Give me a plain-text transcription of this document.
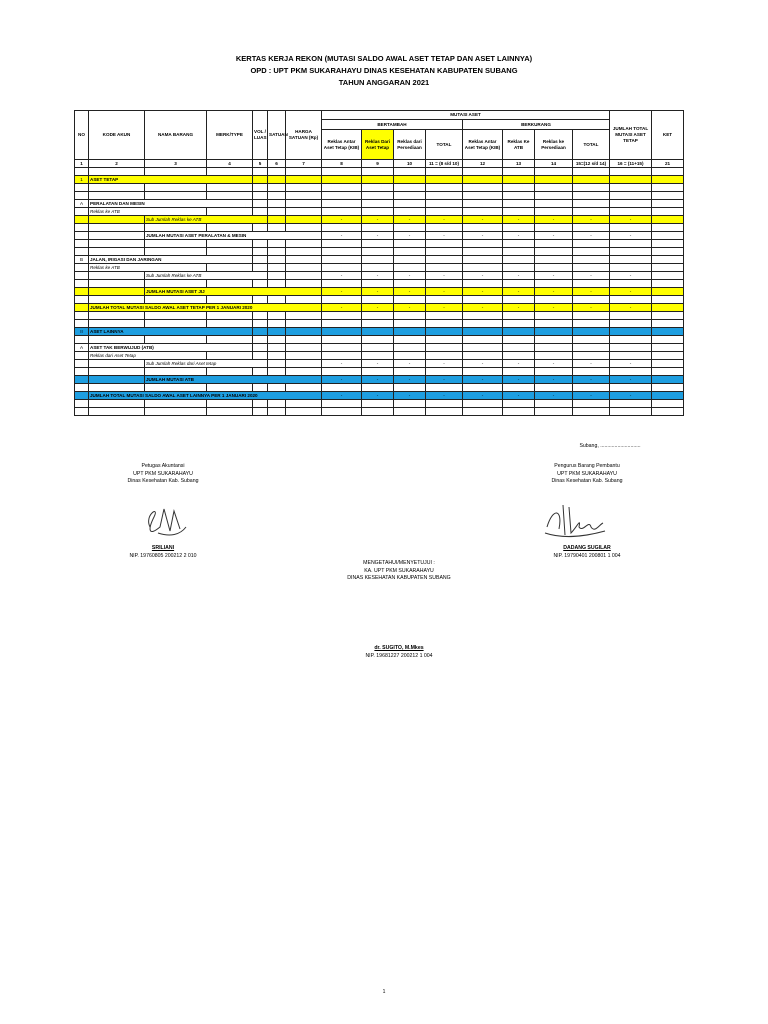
KERTAS KERJA REKON (MUTASI SALDO AWAL ASET TETAP DAN ASET LAINNYA)
OPD : UPT PKM SUKARAHAYU DINAS KESEHATAN KABUPATEN SUBANG
TAHUN ANGGARAN 2021
NO	KODE AKUN	NAMA BARANG	MERK/TYPE	VOL / LUAS	SATUAN	HARGA SATUAN (Rp)	MUTASI ASET								JUMLAH TOTAL MUTASI ASET TETAP	KET
							BERTAMBAH				BERKURANG					
							Reklas Antar Aset Tetap (KIB)	Reklas Dari Aset Tetap	Reklas dari Persediaan	TOTAL	Reklas Antar Aset Tetap (KIB)	Reklas Ke ATB	Reklas ke Persediaan	TOTAL		
1	2	3	4	5	6	7	8	9	10	11 = (8 s/d 10)	12	13	14	15=(12 s/d 14)	16 = (11+15)	21

1	ASET TETAP															

A	PERALATAN DAN MESIN															
	Reklas ke ATB															
		Sub Jumlah Reklas ke ATB					-	-	-	-	-	-	-	-	-	

		JUMLAH MUTASI ASET PERALATAN & MESIN					-	-	-	-	-	-	-	-	-	

B	JALAN, IRIGASI DAN JARINGAN															
	Reklas ke ATB															
		Sub Jumlah Reklas ke ATB					-	-	-	-	-	-	-	-	-	

		JUMLAH MUTASI ASET JIJ					-	-	-	-	-	-	-	-	-	

	JUMLAH TOTAL MUTASI SALDO AWAL ASET TETAP PER 1 JANUARI 2020						-	-	-	-	-	-	-	-	-	

II	ASET LAINNYA															

A	ASET TAK BERWUJUD (ATB)															
	Reklas dari Aset Tetap															
		Sub Jumlah Reklas dari Aset tetap					-	-	-	-	-	-	-	-	-	

		JUMLAH MUTASI ATB					-	-	-	-	-	-	-	-	-	

	JUMLAH TOTAL MUTASI SALDO AWAL ASET LAINNYA PER 1 JANUARI 2020						-	-	-	-	-	-	-	-	-	

Subang, ............................
Petugas Akuntansi
UPT PKM SUKARAHAYU
Dinas Kesehatan Kab. Subang
SRILIANI
NIP. 19760805 200212 2 010
Pengurus Barang Pembantu
UPT PKM SUKARAHAYU
Dinas Kesehatan Kab. Subang
DADANG SUGILAR
NIP. 19790401 200801 1 004
MENGETAHUI/MENYETUJUI :
KA. UPT PKM SUKARAHAYU
DINAS KESEHATAN KABUPATEN SUBANG
dr. SUGITO, M.Mkes
NIP. 19681227 200212 1 004
1
